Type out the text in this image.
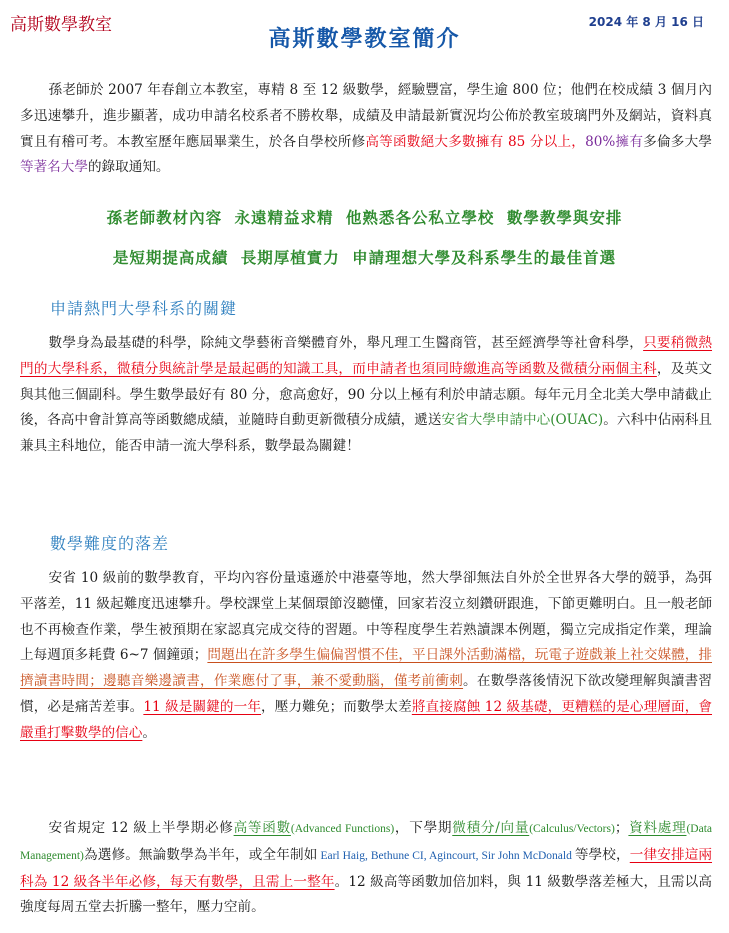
高斯數學教室	2024 年 8 月 16 日
高斯數學教室簡介
孫老師於 2007 年春創立本教室，專精 8 至 12 級數學，經驗豐富，學生逾 800 位；他們在校成績 3 個月內多迅速攀升，進步顯著，成功申請名校系者不勝枚舉，成績及申請最新實況均公佈於教室玻璃門外及網站，資料真實且有稽可考。本教室歷年應屆畢業生，於各自學校所修高等函數絕大多數擁有 85 分以上，80%擁有多倫多大學等著名大學的錄取通知。
孫老師教材內容 永遠精益求精 他熟悉各公私立學校 數學教學與安排
是短期提高成績 長期厚植實力 申請理想大學及科系學生的最佳首選
申請熱門大學科系的關鍵
數學身為最基礎的科學，除純文學藝術音樂體育外，舉凡理工生醫商管，甚至經濟學等社會科學，只要稍微熱門的大學科系，微積分與統計學是最起碼的知識工具，而申請者也須同時繳進高等函數及微積分兩個主科，及英文與其他三個副科。學生數學最好有 80 分，愈高愈好，90 分以上極有利於申請志願。每年元月全北美大學申請截止後，各高中會計算高等函數總成績，並隨時自動更新微積分成績，遞送安省大學申請中心(OUAC)。六科中佔兩科且兼具主科地位，能否申請一流大學科系，數學最為關鍵！
數學難度的落差
安省 10 級前的數學教育，平均內容份量遠遜於中港臺等地，然大學卻無法自外於全世界各大學的競爭，為弭平落差，11 級起難度迅速攀升。學校課堂上某個環節沒聽懂，回家若沒立刻鑽研跟進，下節更難明白。且一般老師也不再檢查作業，學生被預期在家認真完成交待的習題。中等程度學生若熟讀課本例題，獨立完成指定作業，理論上每週頂多耗費 6~7 個鐘頭；問題出在許多學生偏偏習慣不佳，平日課外活動滿檔，玩電子遊戲兼上社交媒體，排擠讀書時間；邊聽音樂邊讀書，作業應付了事，兼不愛動腦，僅考前衝刺。在數學落後情況下欲改變理解與讀書習慣，必是痛苦差事。11 級是關鍵的一年，壓力難免；而數學太差將直接腐蝕 12 級基礎，更糟糕的是心理層面，會嚴重打擊數學的信心。
安省規定 12 級上半學期必修高等函數(Advanced Functions)，下學期微積分/向量(Calculus/Vectors)；資料處理(Data Management)為選修。無論數學為半年，或全年制如 Earl Haig, Bethune CI, Agincourt, Sir John McDonald 等學校，一律安排這兩科為 12 級各半年必修，每天有數學，且需上一整年。12 級高等函數加倍加料，與 11 級數學落差極大，且需以高強度每周五堂去折騰一整年，壓力空前。
